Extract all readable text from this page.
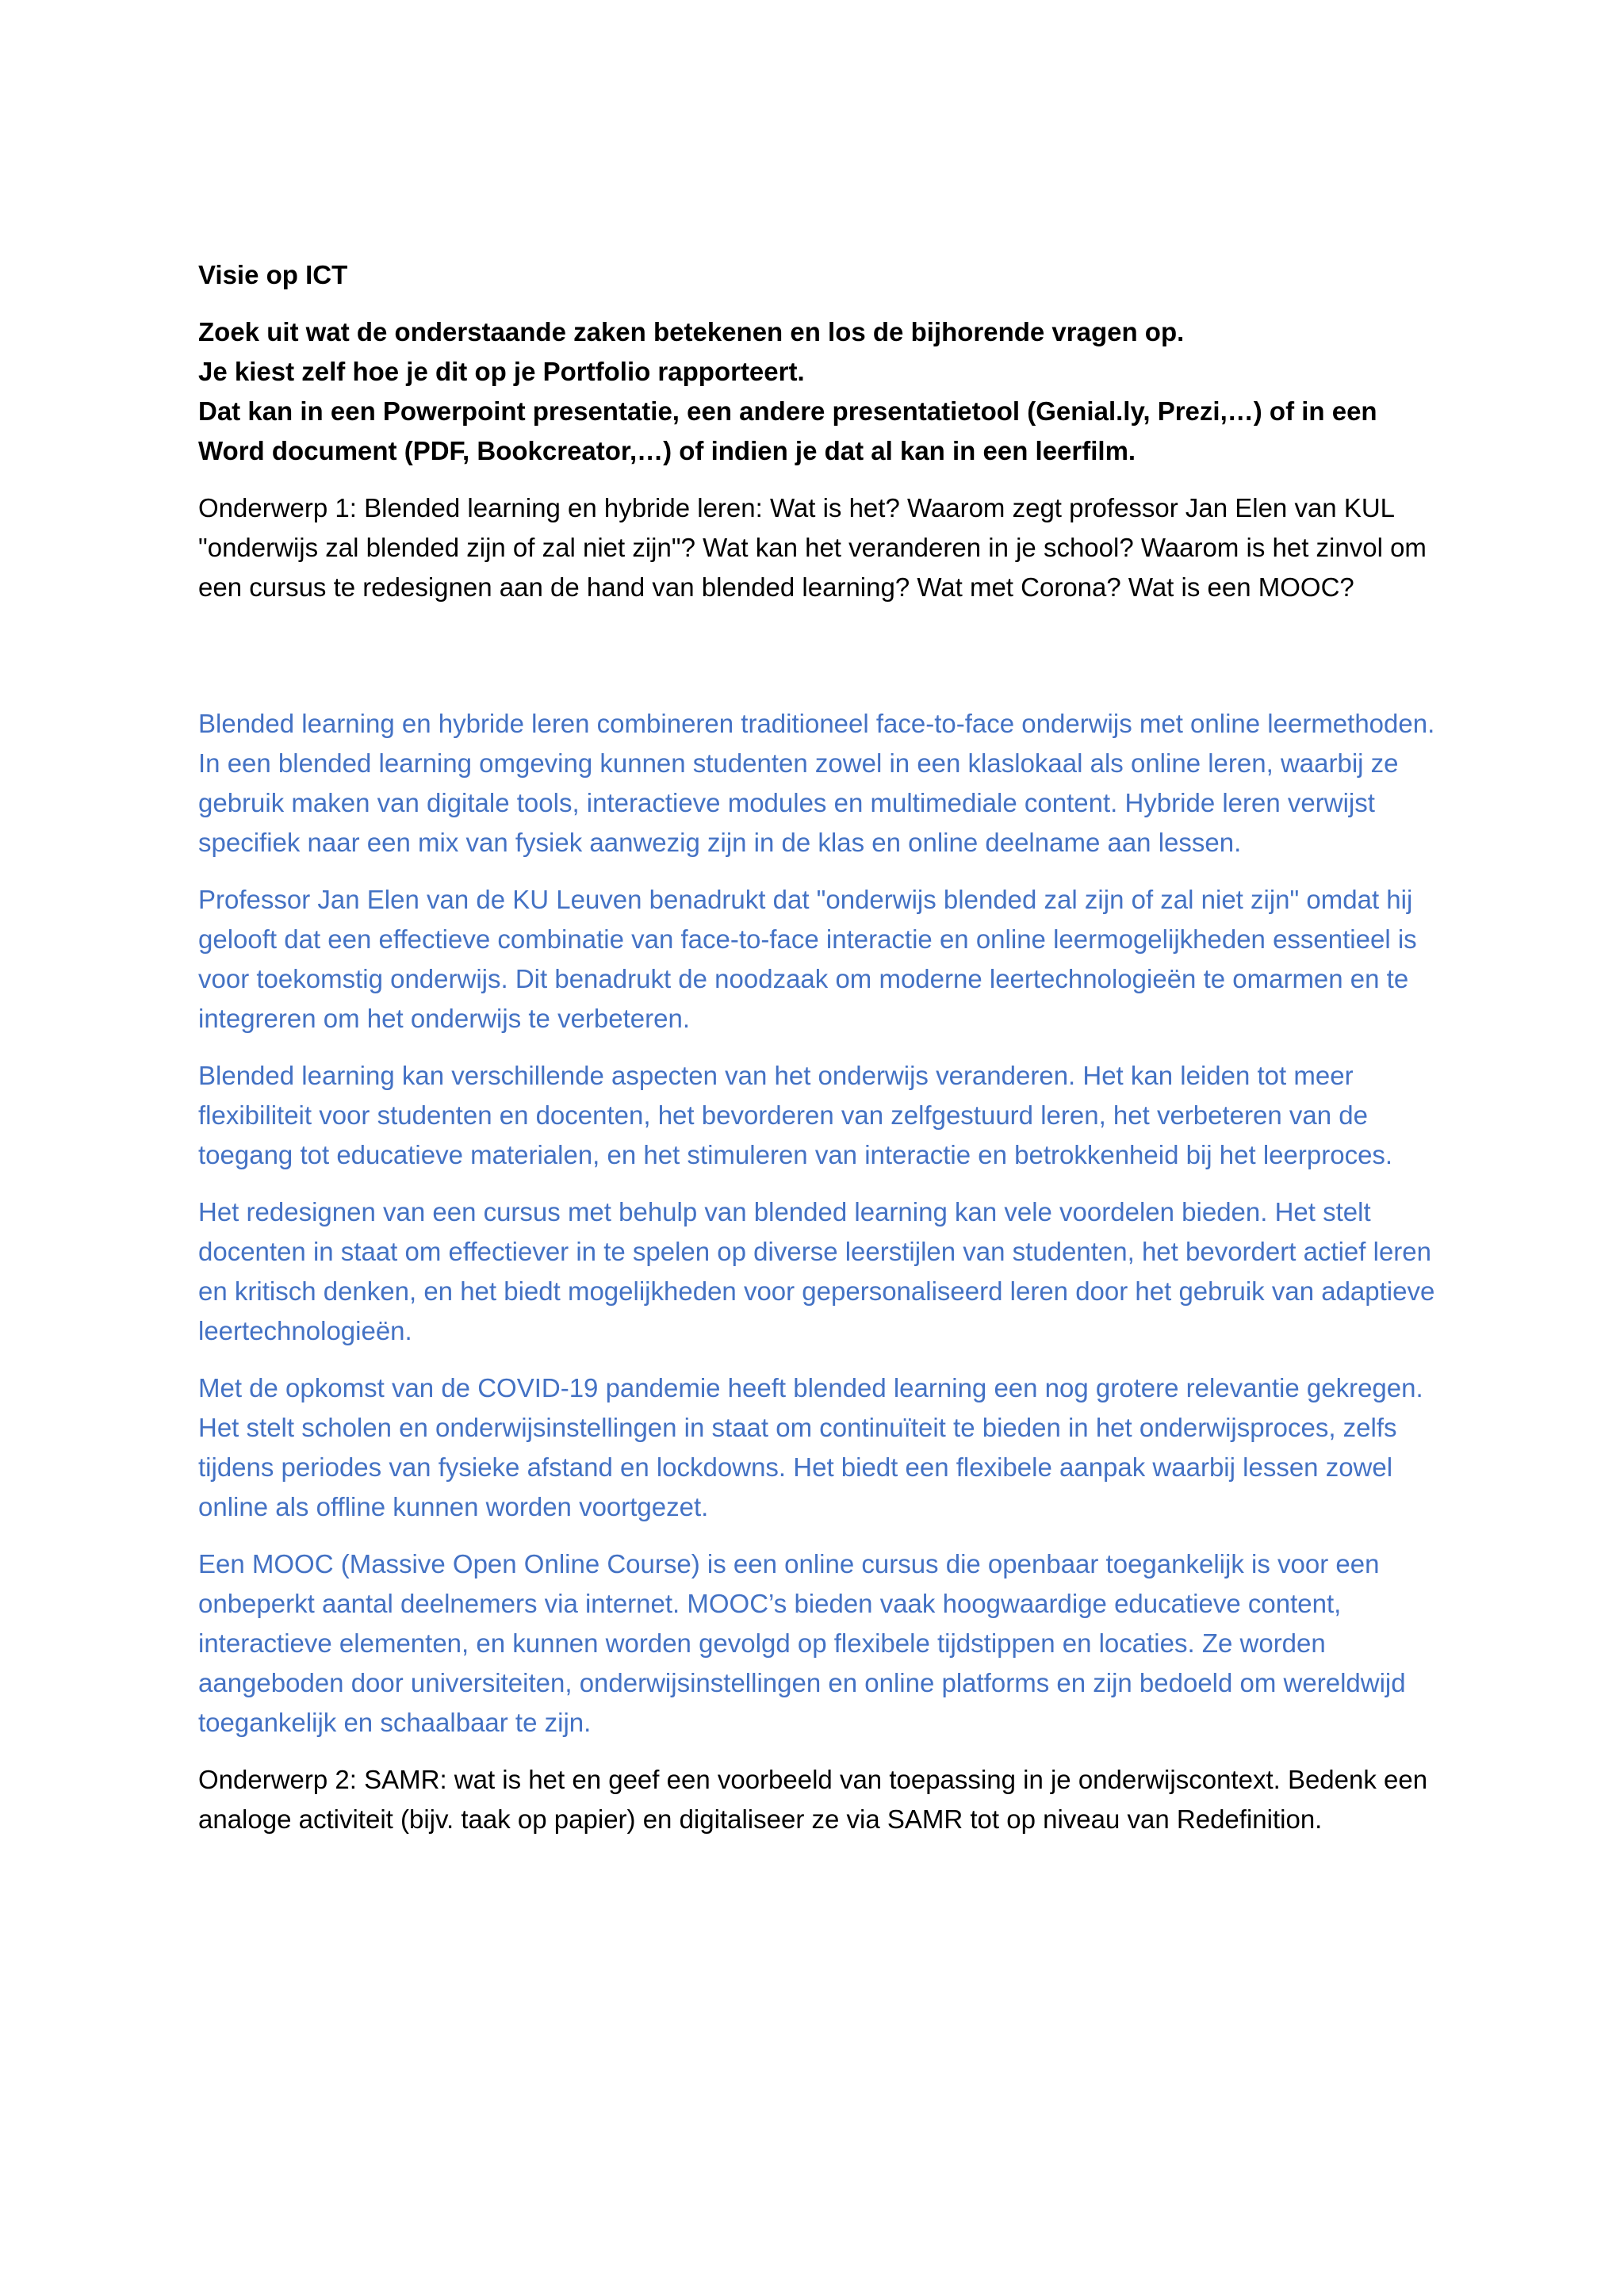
Visie op ICT

Zoek uit wat de onderstaande zaken betekenen en los de bijhorende vragen op.
Je kiest zelf hoe je dit op je Portfolio rapporteert.
Dat kan in een Powerpoint presentatie, een andere presentatietool (Genial.ly, Prezi,…) of in een Word document (PDF, Bookcreator,…) of indien je dat al kan in een leerfilm.

Onderwerp 1: Blended learning en hybride leren: Wat is het? Waarom zegt professor Jan Elen van KUL "onderwijs zal blended zijn of zal niet zijn"? Wat kan het veranderen in je school? Waarom is het zinvol om een cursus te redesignen aan de hand van blended learning? Wat met Corona? Wat is een MOOC?

Blended learning en hybride leren combineren traditioneel face-to-face onderwijs met online leermethoden. In een blended learning omgeving kunnen studenten zowel in een klaslokaal als online leren, waarbij ze gebruik maken van digitale tools, interactieve modules en multimediale content. Hybride leren verwijst specifiek naar een mix van fysiek aanwezig zijn in de klas en online deelname aan lessen.

Professor Jan Elen van de KU Leuven benadrukt dat "onderwijs blended zal zijn of zal niet zijn" omdat hij gelooft dat een effectieve combinatie van face-to-face interactie en online leermogelijkheden essentieel is voor toekomstig onderwijs. Dit benadrukt de noodzaak om moderne leertechnologieën te omarmen en te integreren om het onderwijs te verbeteren.

Blended learning kan verschillende aspecten van het onderwijs veranderen. Het kan leiden tot meer flexibiliteit voor studenten en docenten, het bevorderen van zelfgestuurd leren, het verbeteren van de toegang tot educatieve materialen, en het stimuleren van interactie en betrokkenheid bij het leerproces.

Het redesignen van een cursus met behulp van blended learning kan vele voordelen bieden. Het stelt docenten in staat om effectiever in te spelen op diverse leerstijlen van studenten, het bevordert actief leren en kritisch denken, en het biedt mogelijkheden voor gepersonaliseerd leren door het gebruik van adaptieve leertechnologieën.

Met de opkomst van de COVID-19 pandemie heeft blended learning een nog grotere relevantie gekregen. Het stelt scholen en onderwijsinstellingen in staat om continuïteit te bieden in het onderwijsproces, zelfs tijdens periodes van fysieke afstand en lockdowns. Het biedt een flexibele aanpak waarbij lessen zowel online als offline kunnen worden voortgezet.

Een MOOC (Massive Open Online Course) is een online cursus die openbaar toegankelijk is voor een onbeperkt aantal deelnemers via internet. MOOC’s bieden vaak hoogwaardige educatieve content, interactieve elementen, en kunnen worden gevolgd op flexibele tijdstippen en locaties. Ze worden aangeboden door universiteiten, onderwijsinstellingen en online platforms en zijn bedoeld om wereldwijd toegankelijk en schaalbaar te zijn.

Onderwerp 2: SAMR: wat is het en geef een voorbeeld van toepassing in je onderwijscontext. Bedenk een analoge activiteit (bijv. taak op papier) en digitaliseer ze via SAMR tot op niveau van Redefinition.
